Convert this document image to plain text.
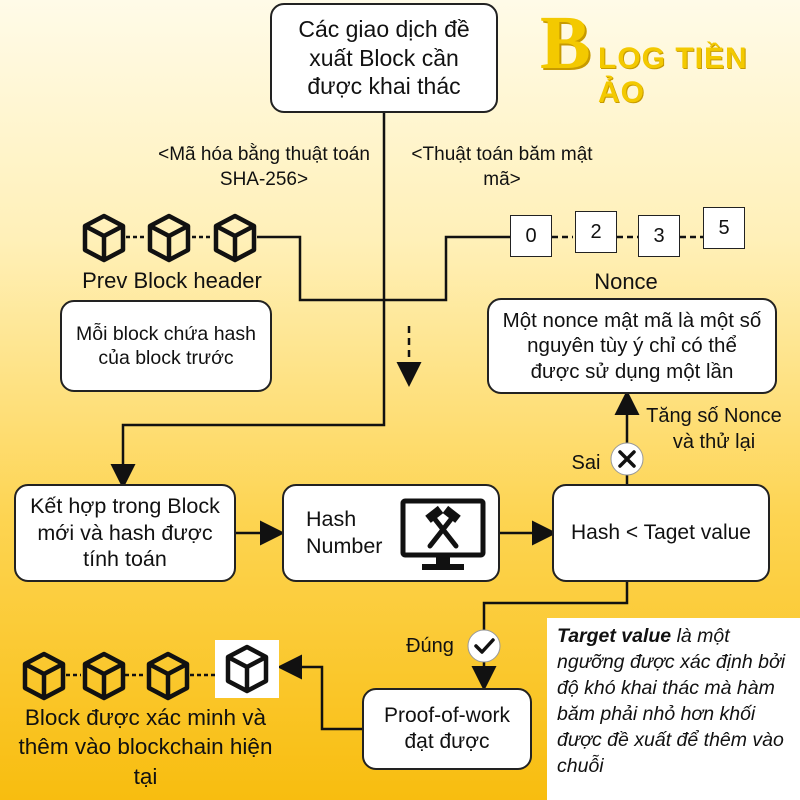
B LOG TIỀN ẢO
Các giao dịch đề xuất Block cần được khai thác
<Mã hóa bằng thuật toán SHA-256>
<Thuật toán băm mật mã>
Prev Block header
Mỗi block chứa hash của block trước
0	2	3	5
Nonce
Một nonce mật mã là một số nguyên tùy ý chỉ có thể được sử dụng một lần
Tăng số Nonce và thử lại
Sai
Kết hợp trong Block mới và hash được tính toán
Hash Number
Hash < Taget value
Đúng
Proof-of-work đạt được
Block được xác minh và thêm vào blockchain hiện tại
Target value là một ngưỡng được xác định bởi độ khó khai thác mà hàm băm phải nhỏ hơn khối được đề xuất để thêm vào chuỗi
